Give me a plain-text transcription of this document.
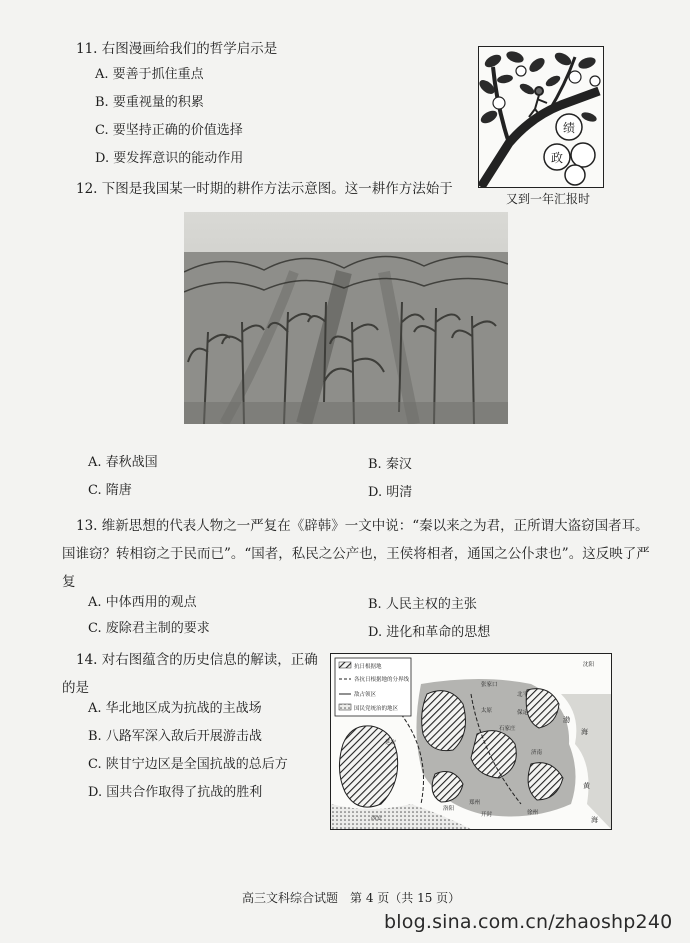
11. 右图漫画给我们的哲学启示是
A. 要善于抓住重点
B. 要重视量的积累
C. 要坚持正确的价值选择
D. 要发挥意识的能动作用
绩
政
又到一年汇报时
12. 下图是我国某一时期的耕作方法示意图。这一耕作方法始于
A. 春秋战国	B. 秦汉
C. 隋唐	D. 明清
13. 维新思想的代表人物之一严复在《辟韩》一文中说：“秦以来之为君，正所谓大盗窃国者耳。国谁窃？转相窃之于民而已”。“国者，私民之公产也，王侯将相者，通国之公仆隶也”。这反映了严复
A. 中体西用的观点	B. 人民主权的主张
C. 废除君主制的要求	D. 进化和革命的思想
14. 对右图蕴含的历史信息的解读，正确的是
A. 华北地区成为抗战的主战场
B. 八路军深入敌后开展游击战
C. 陕甘宁边区是全国抗战的总后方
D. 国共合作取得了抗战的胜利
抗日根据地
各抗日根据地的分界线
敌占领区
国民党统治的地区
沈阳
张家口
北平
太原	保定
石家庄
延安
西安
洛阳
郑州
开封
济南
徐州
渤
海
黄
海
高三文科综合试题　第 4 页（共 15 页）
blog.sina.com.cn/zhaoshp240
